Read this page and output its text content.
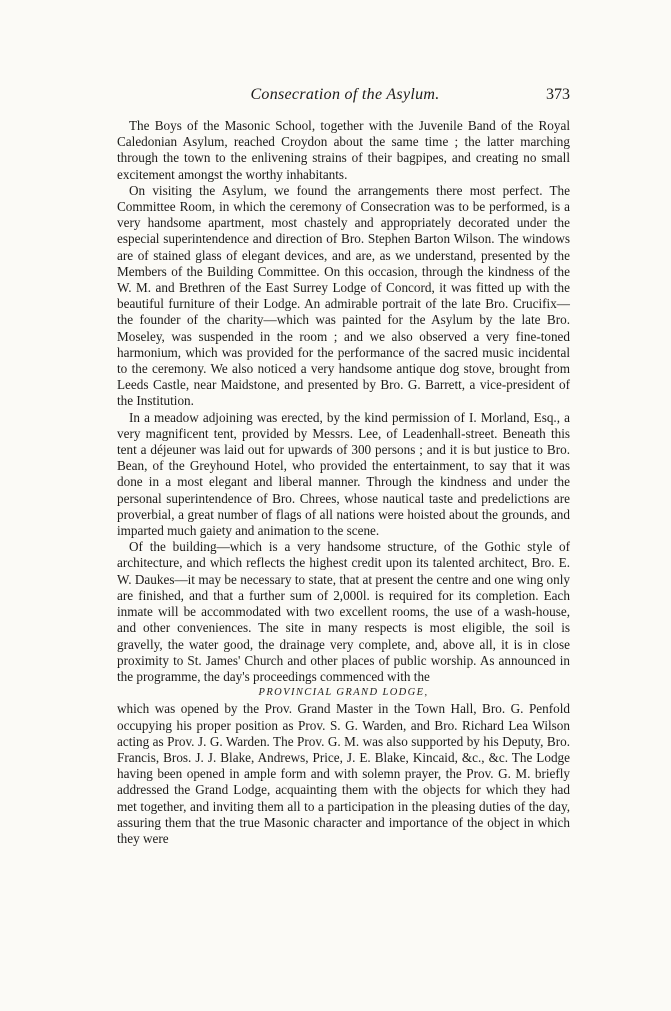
Consecration of the Asylum.	373

The Boys of the Masonic School, together with the Juvenile Band of the Royal Caledonian Asylum, reached Croydon about the same time ; the latter marching through the town to the enlivening strains of their bagpipes, and creating no small excitement amongst the worthy inhabitants.

On visiting the Asylum, we found the arrangements there most perfect. The Committee Room, in which the ceremony of Consecration was to be performed, is a very handsome apartment, most chastely and appropriately decorated under the especial superintendence and direction of Bro. Stephen Barton Wilson. The windows are of stained glass of elegant devices, and are, as we understand, presented by the Members of the Building Committee. On this occasion, through the kindness of the W. M. and Brethren of the East Surrey Lodge of Concord, it was fitted up with the beautiful furniture of their Lodge. An admirable portrait of the late Bro. Crucifix—the founder of the charity—which was painted for the Asylum by the late Bro. Moseley, was suspended in the room ; and we also observed a very fine-toned harmonium, which was provided for the performance of the sacred music incidental to the ceremony. We also noticed a very handsome antique dog stove, brought from Leeds Castle, near Maidstone, and presented by Bro. G. Barrett, a vice-president of the Institution.

In a meadow adjoining was erected, by the kind permission of I. Morland, Esq., a very magnificent tent, provided by Messrs. Lee, of Leadenhall-street. Beneath this tent a déjeuner was laid out for upwards of 300 persons ; and it is but justice to Bro. Bean, of the Greyhound Hotel, who provided the entertainment, to say that it was done in a most elegant and liberal manner. Through the kindness and under the personal superintendence of Bro. Chrees, whose nautical taste and predelictions are proverbial, a great number of flags of all nations were hoisted about the grounds, and imparted much gaiety and animation to the scene.

Of the building—which is a very handsome structure, of the Gothic style of architecture, and which reflects the highest credit upon its talented architect, Bro. E. W. Daukes—it may be necessary to state, that at present the centre and one wing only are finished, and that a further sum of 2,000l. is required for its completion. Each inmate will be accommodated with two excellent rooms, the use of a wash-house, and other conveniences. The site in many respects is most eligible, the soil is gravelly, the water good, the drainage very complete, and, above all, it is in close proximity to St. James' Church and other places of public worship. As announced in the programme, the day's proceedings commenced with the

PROVINCIAL GRAND LODGE,

which was opened by the Prov. Grand Master in the Town Hall, Bro. G. Penfold occupying his proper position as Prov. S. G. Warden, and Bro. Richard Lea Wilson acting as Prov. J. G. Warden. The Prov. G. M. was also supported by his Deputy, Bro. Francis, Bros. J. J. Blake, Andrews, Price, J. E. Blake, Kincaid, &c., &c. The Lodge having been opened in ample form and with solemn prayer, the Prov. G. M. briefly addressed the Grand Lodge, acquainting them with the objects for which they had met together, and inviting them all to a participation in the pleasing duties of the day, assuring them that the true Masonic character and importance of the object in which they were
